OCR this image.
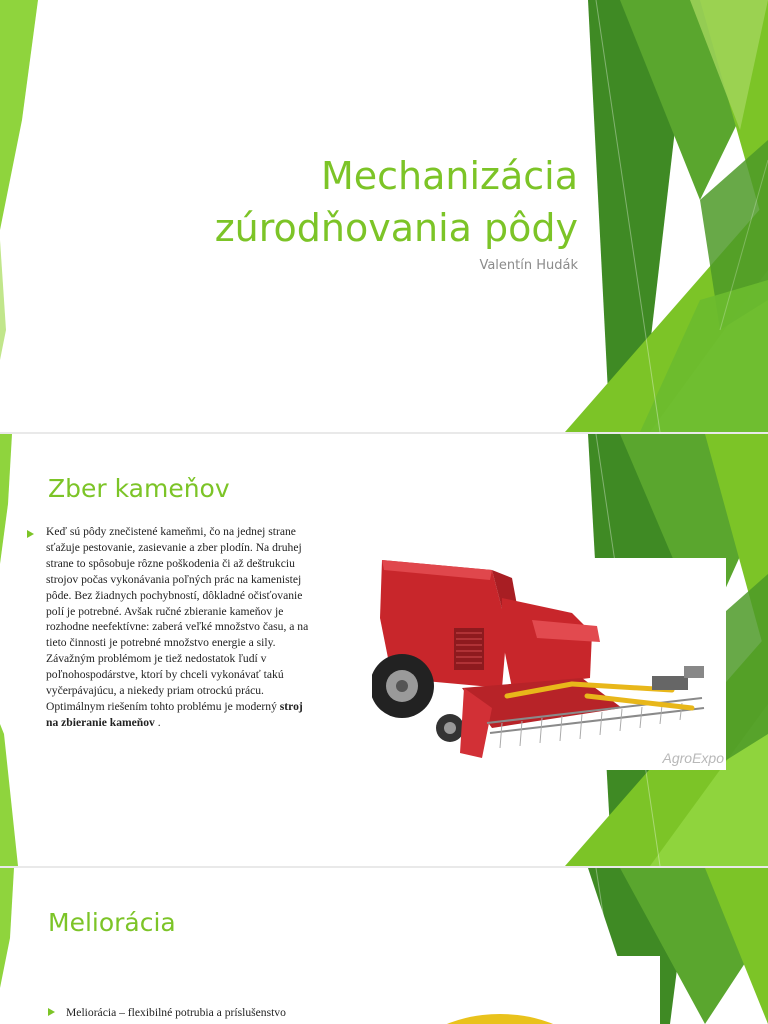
Mechanizácia
zúrodňovania pôdy
Valentín Hudák
Zber kameňov
Keď sú pôdy znečistené kameňmi, čo na jednej strane sťažuje pestovanie, zasievanie a zber plodín. Na druhej strane to spôsobuje rôzne poškodenia či až deštrukciu strojov počas vykonávania poľných prác na kamenistej pôde. Bez žiadnych pochybností, dôkladné očisťovanie polí je potrebné. Avšak ručné zbieranie kameňov je rozhodne neefektívne: zaberá veľké množstvo času, a na tieto činnosti je potrebné množstvo energie a sily. Závažným problémom je tiež nedostatok ľudí v poľnohospodárstve, ktorí by chceli vykonávať takú vyčerpávajúcu, a niekedy priam otrockú prácu. Optimálnym riešením tohto problému je moderný stroj na zbieranie kameňov .
AgroExpo
Meliorácia
Meliorácia – flexibilné potrubia a príslušenstvo
